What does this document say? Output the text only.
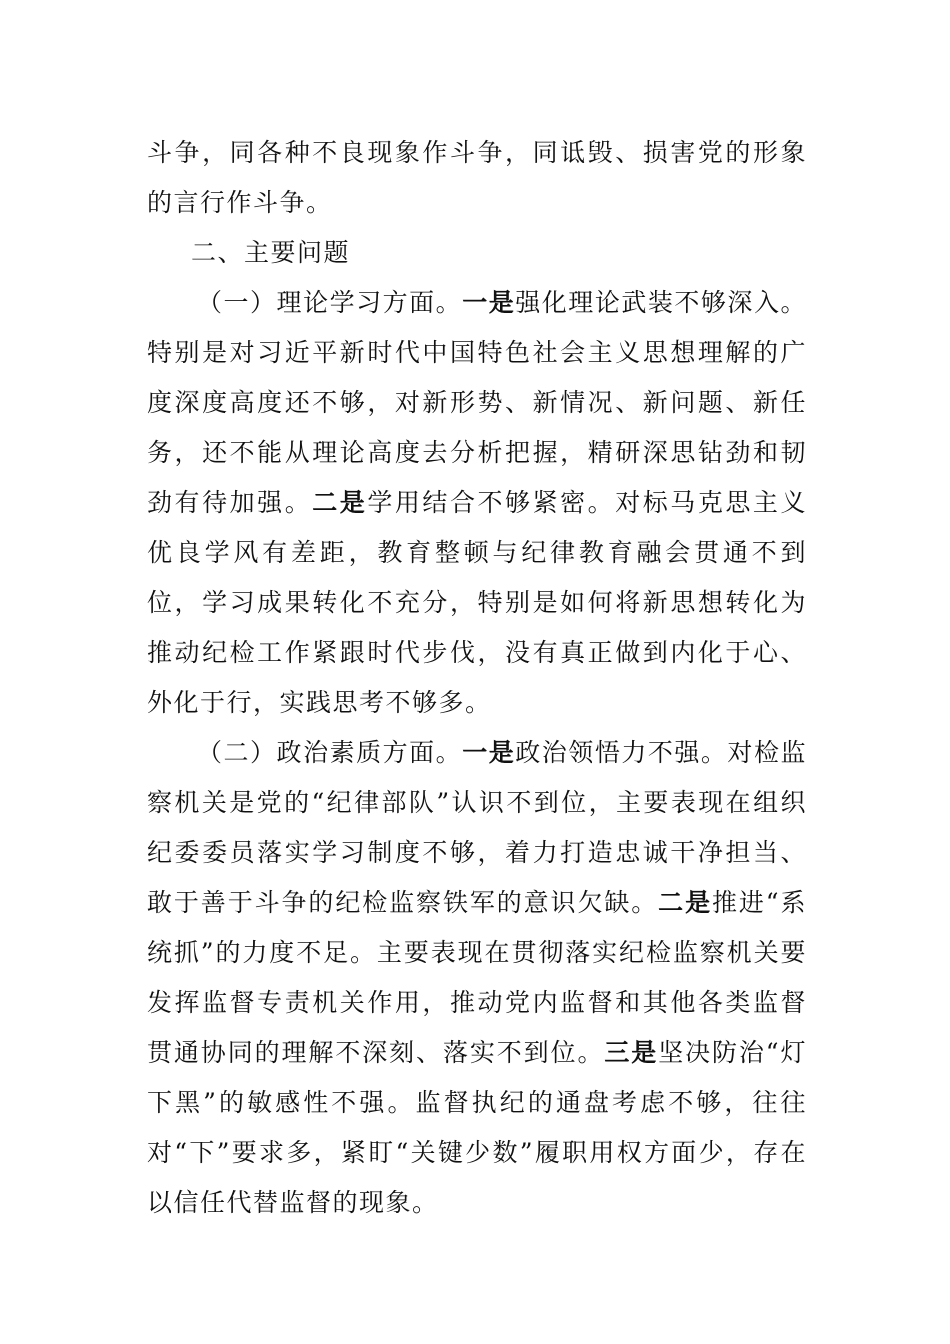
斗争，同各种不良现象作斗争，同诋毁、损害党的形象的言行作斗争。

二、主要问题

（一）理论学习方面。一是强化理论武装不够深入。特别是对习近平新时代中国特色社会主义思想理解的广度深度高度还不够，对新形势、新情况、新问题、新任务，还不能从理论高度去分析把握，精研深思钻劲和韧劲有待加强。二是学用结合不够紧密。对标马克思主义优良学风有差距，教育整顿与纪律教育融会贯通不到位，学习成果转化不充分，特别是如何将新思想转化为推动纪检工作紧跟时代步伐，没有真正做到内化于心、外化于行，实践思考不够多。

（二）政治素质方面。一是政治领悟力不强。对检监察机关是党的“纪律部队”认识不到位，主要表现在组织纪委委员落实学习制度不够，着力打造忠诚干净担当、敢于善于斗争的纪检监察铁军的意识欠缺。二是推进“系统抓”的力度不足。主要表现在贯彻落实纪检监察机关要发挥监督专责机关作用，推动党内监督和其他各类监督贯通协同的理解不深刻、落实不到位。三是坚决防治“灯下黑”的敏感性不强。监督执纪的通盘考虑不够，往往对“下”要求多，紧盯“关键少数”履职用权方面少，存在以信任代替监督的现象。
